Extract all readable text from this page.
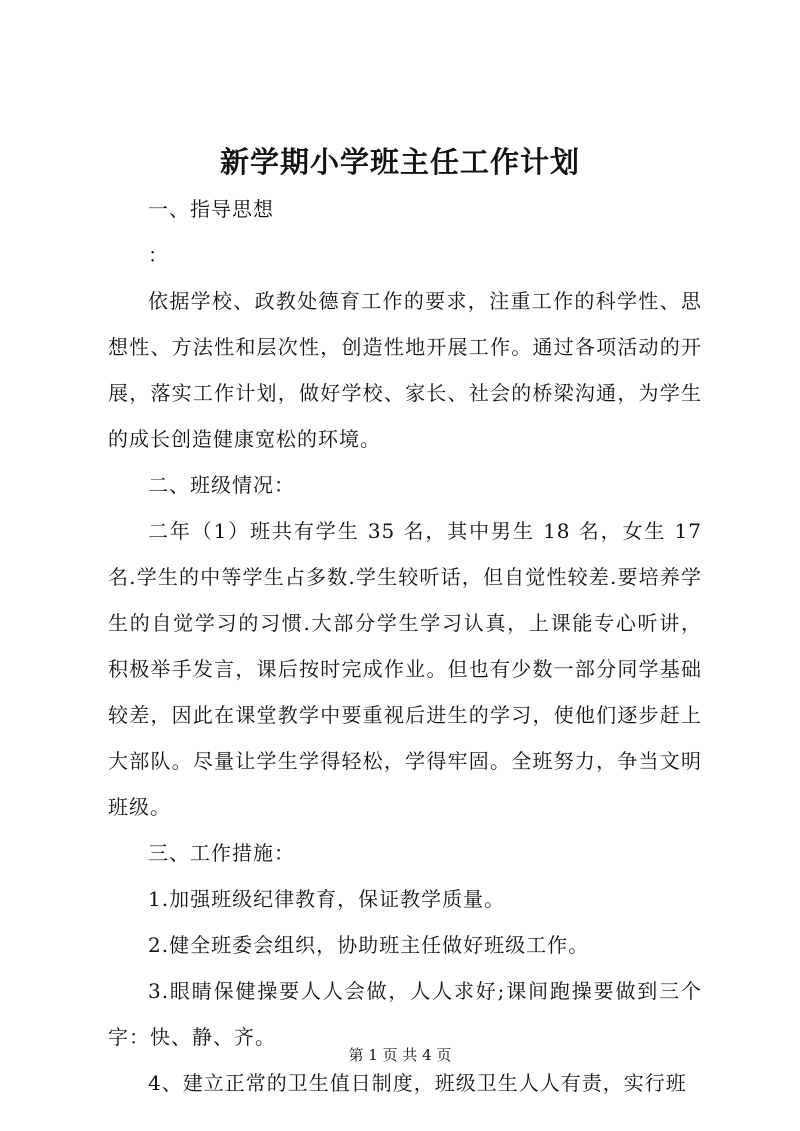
新学期小学班主任工作计划

一、指导思想

：

依据学校、政教处德育工作的要求，注重工作的科学性、思想性、方法性和层次性，创造性地开展工作。通过各项活动的开展，落实工作计划，做好学校、家长、社会的桥梁沟通，为学生的成长创造健康宽松的环境。

二、班级情况：

二年（1）班共有学生 35 名，其中男生 18 名，女生 17 名.学生的中等学生占多数.学生较听话，但自觉性较差.要培养学生的自觉学习的习惯.大部分学生学习认真，上课能专心听讲，积极举手发言，课后按时完成作业。但也有少数一部分同学基础较差，因此在课堂教学中要重视后进生的学习，使他们逐步赶上大部队。尽量让学生学得轻松，学得牢固。全班努力，争当文明班级。

三、工作措施：

1.加强班级纪律教育，保证教学质量。

2.健全班委会组织，协助班主任做好班级工作。

3.眼睛保健操要人人会做，人人求好;课间跑操要做到三个字：快、静、齐。

4、建立正常的卫生值日制度，班级卫生人人有责，实行班

第 1 页 共 4 页
